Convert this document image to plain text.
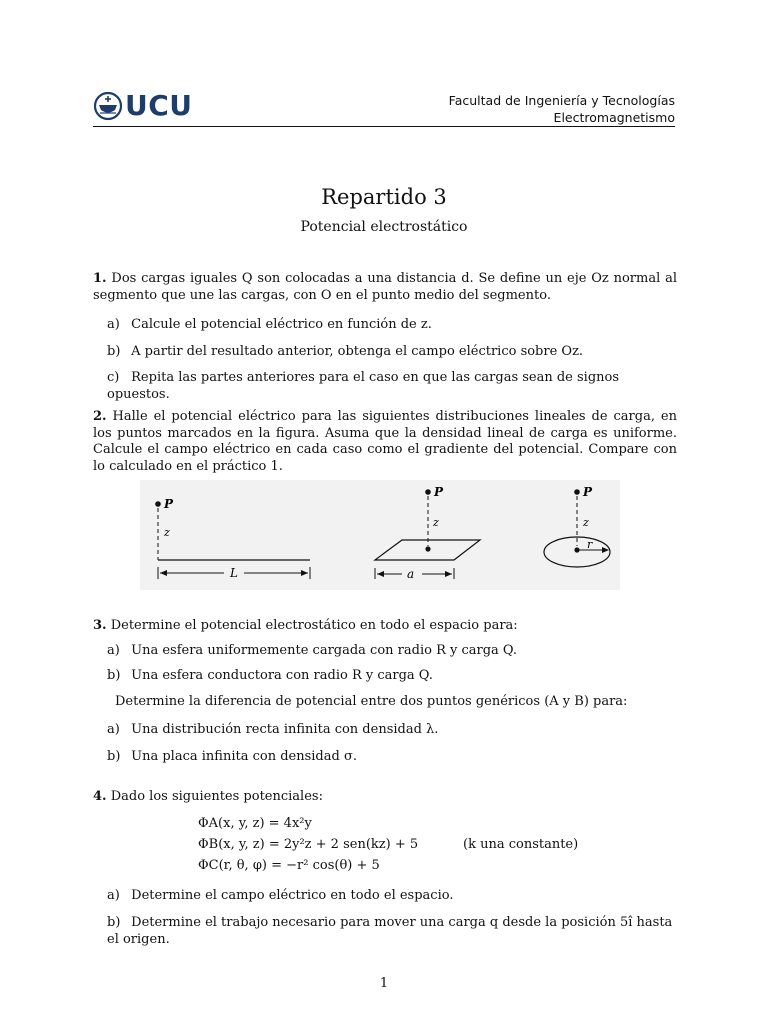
UCU	Facultad de Ingeniería y Tecnologías
Electromagnetismo
Repartido 3
Potencial electrostático
1. Dos cargas iguales Q son colocadas a una distancia d. Se define un eje Oz normal al segmento que une las cargas, con O en el punto medio del segmento.
a) Calcule el potencial eléctrico en función de z.
b) A partir del resultado anterior, obtenga el campo eléctrico sobre Oz.
c) Repita las partes anteriores para el caso en que las cargas sean de signos opuestos.
2. Halle el potencial eléctrico para las siguientes distribuciones lineales de carga, en los puntos marcados en la figura. Asuma que la densidad lineal de carga es uniforme. Calcule el campo eléctrico en cada caso como el gradiente del potencial. Compare con lo calculado en el práctico 1.
P
z
L
P
z
a
P
z
r
3. Determine el potencial electrostático en todo el espacio para:
a) Una esfera uniformemente cargada con radio R y carga Q.
b) Una esfera conductora con radio R y carga Q.
Determine la diferencia de potencial entre dos puntos genéricos (A y B) para:
a) Una distribución recta infinita con densidad λ.
b) Una placa infinita con densidad σ.
4. Dado los siguientes potenciales:
ΦA(x, y, z) = 4x²y
ΦB(x, y, z) = 2y²z + 2 sen(kz) + 5	(k una constante)
ΦC(r, θ, φ) = −r² cos(θ) + 5
a) Determine el campo eléctrico en todo el espacio.
b) Determine el trabajo necesario para mover una carga q desde la posición 5î hasta el origen.
1
